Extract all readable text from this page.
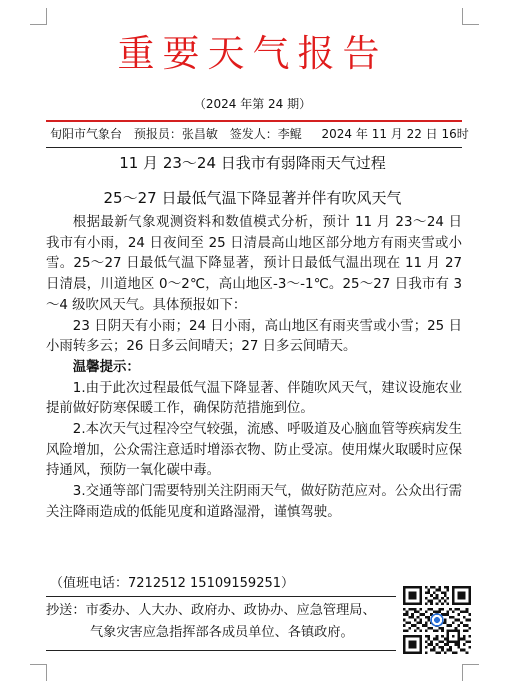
重要天气报告
（2024 年第 24 期）
旬阳市气象台 预报员：张昌敏 签发人：李鲲 2024 年 11 月 22 日 16时
11 月 23～24 日我市有弱降雨天气过程
25～27 日最低气温下降显著并伴有吹风天气

根据最新气象观测资料和数值模式分析，预计 11 月 23～24 日我市有小雨，24 日夜间至 25 日清晨高山地区部分地方有雨夹雪或小雪。25～27 日最低气温下降显著，预计日最低气温出现在 11 月 27 日清晨，川道地区 0～2℃，高山地区-3～-1℃。25～27 日我市有 3～4 级吹风天气。具体预报如下：

23 日阴天有小雨；24 日小雨，高山地区有雨夹雪或小雪；25 日小雨转多云；26 日多云间晴天；27 日多云间晴天。

温馨提示：

1.由于此次过程最低气温下降显著、伴随吹风天气，建议设施农业提前做好防寒保暖工作，确保防范措施到位。

2.本次天气过程冷空气较强，流感、呼吸道及心脑血管等疾病发生风险增加，公众需注意适时增添衣物、防止受凉。使用煤火取暖时应保持通风，预防一氧化碳中毒。

3.交通等部门需要特别关注阴雨天气，做好防范应对。公众出行需关注降雨造成的低能见度和道路湿滑，谨慎驾驶。

（值班电话：7212512 15109159251）
抄送：市委办、人大办、政府办、政协办、应急管理局、
气象灾害应急指挥部各成员单位、各镇政府。
